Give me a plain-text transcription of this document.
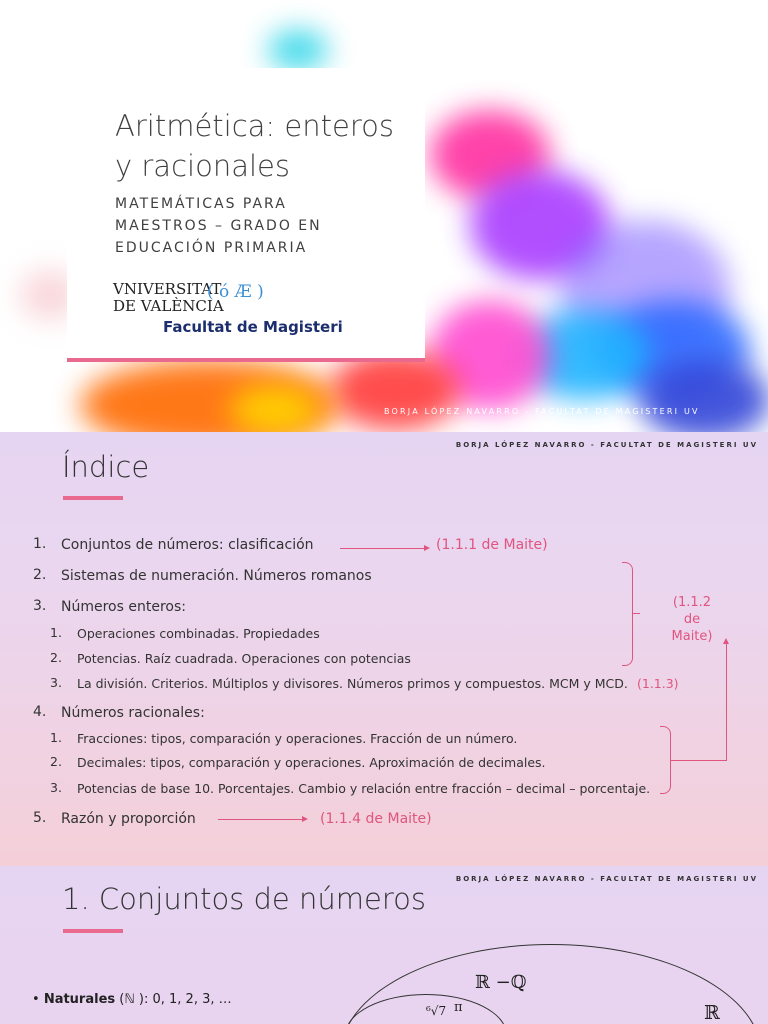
Aritmética: enteros
y racionales
MATEMÁTICAS PARA
MAESTROS – GRADO EN
EDUCACIÓN PRIMARIA
VNIVERSITAT
DE VALÈNCIA
( ó Æ )
Facultat de Magisteri
BORJA LÓPEZ NAVARRO - FACULTAT DE MAGISTERI UV
BORJA LÓPEZ NAVARRO - FACULTAT DE MAGISTERI UV
Índice
1. Conjuntos de números: clasificación	(1.1.1 de Maite)
2. Sistemas de numeración. Números romanos
3. Números enteros:
1. Operaciones combinadas. Propiedades
2. Potencias. Raíz cuadrada. Operaciones con potencias
3. La división. Criterios. Múltiplos y divisores. Números primos y compuestos. MCM y MCD. (1.1.3)
(1.1.2 de
Maite)
4. Números racionales:
1. Fracciones: tipos, comparación y operaciones. Fracción de un número.
2. Decimales: tipos, comparación y operaciones. Aproximación de decimales.
3. Potencias de base 10. Porcentajes. Cambio y relación entre fracción – decimal – porcentaje.
5. Razón y proporción	(1.1.4 de Maite)
BORJA LÓPEZ NAVARRO - FACULTAT DE MAGISTERI UV
1. Conjuntos de números
ℝ −ℚ
ℝ
⁶√7 π
• Naturales (ℕ ): 0, 1, 2, 3, …
